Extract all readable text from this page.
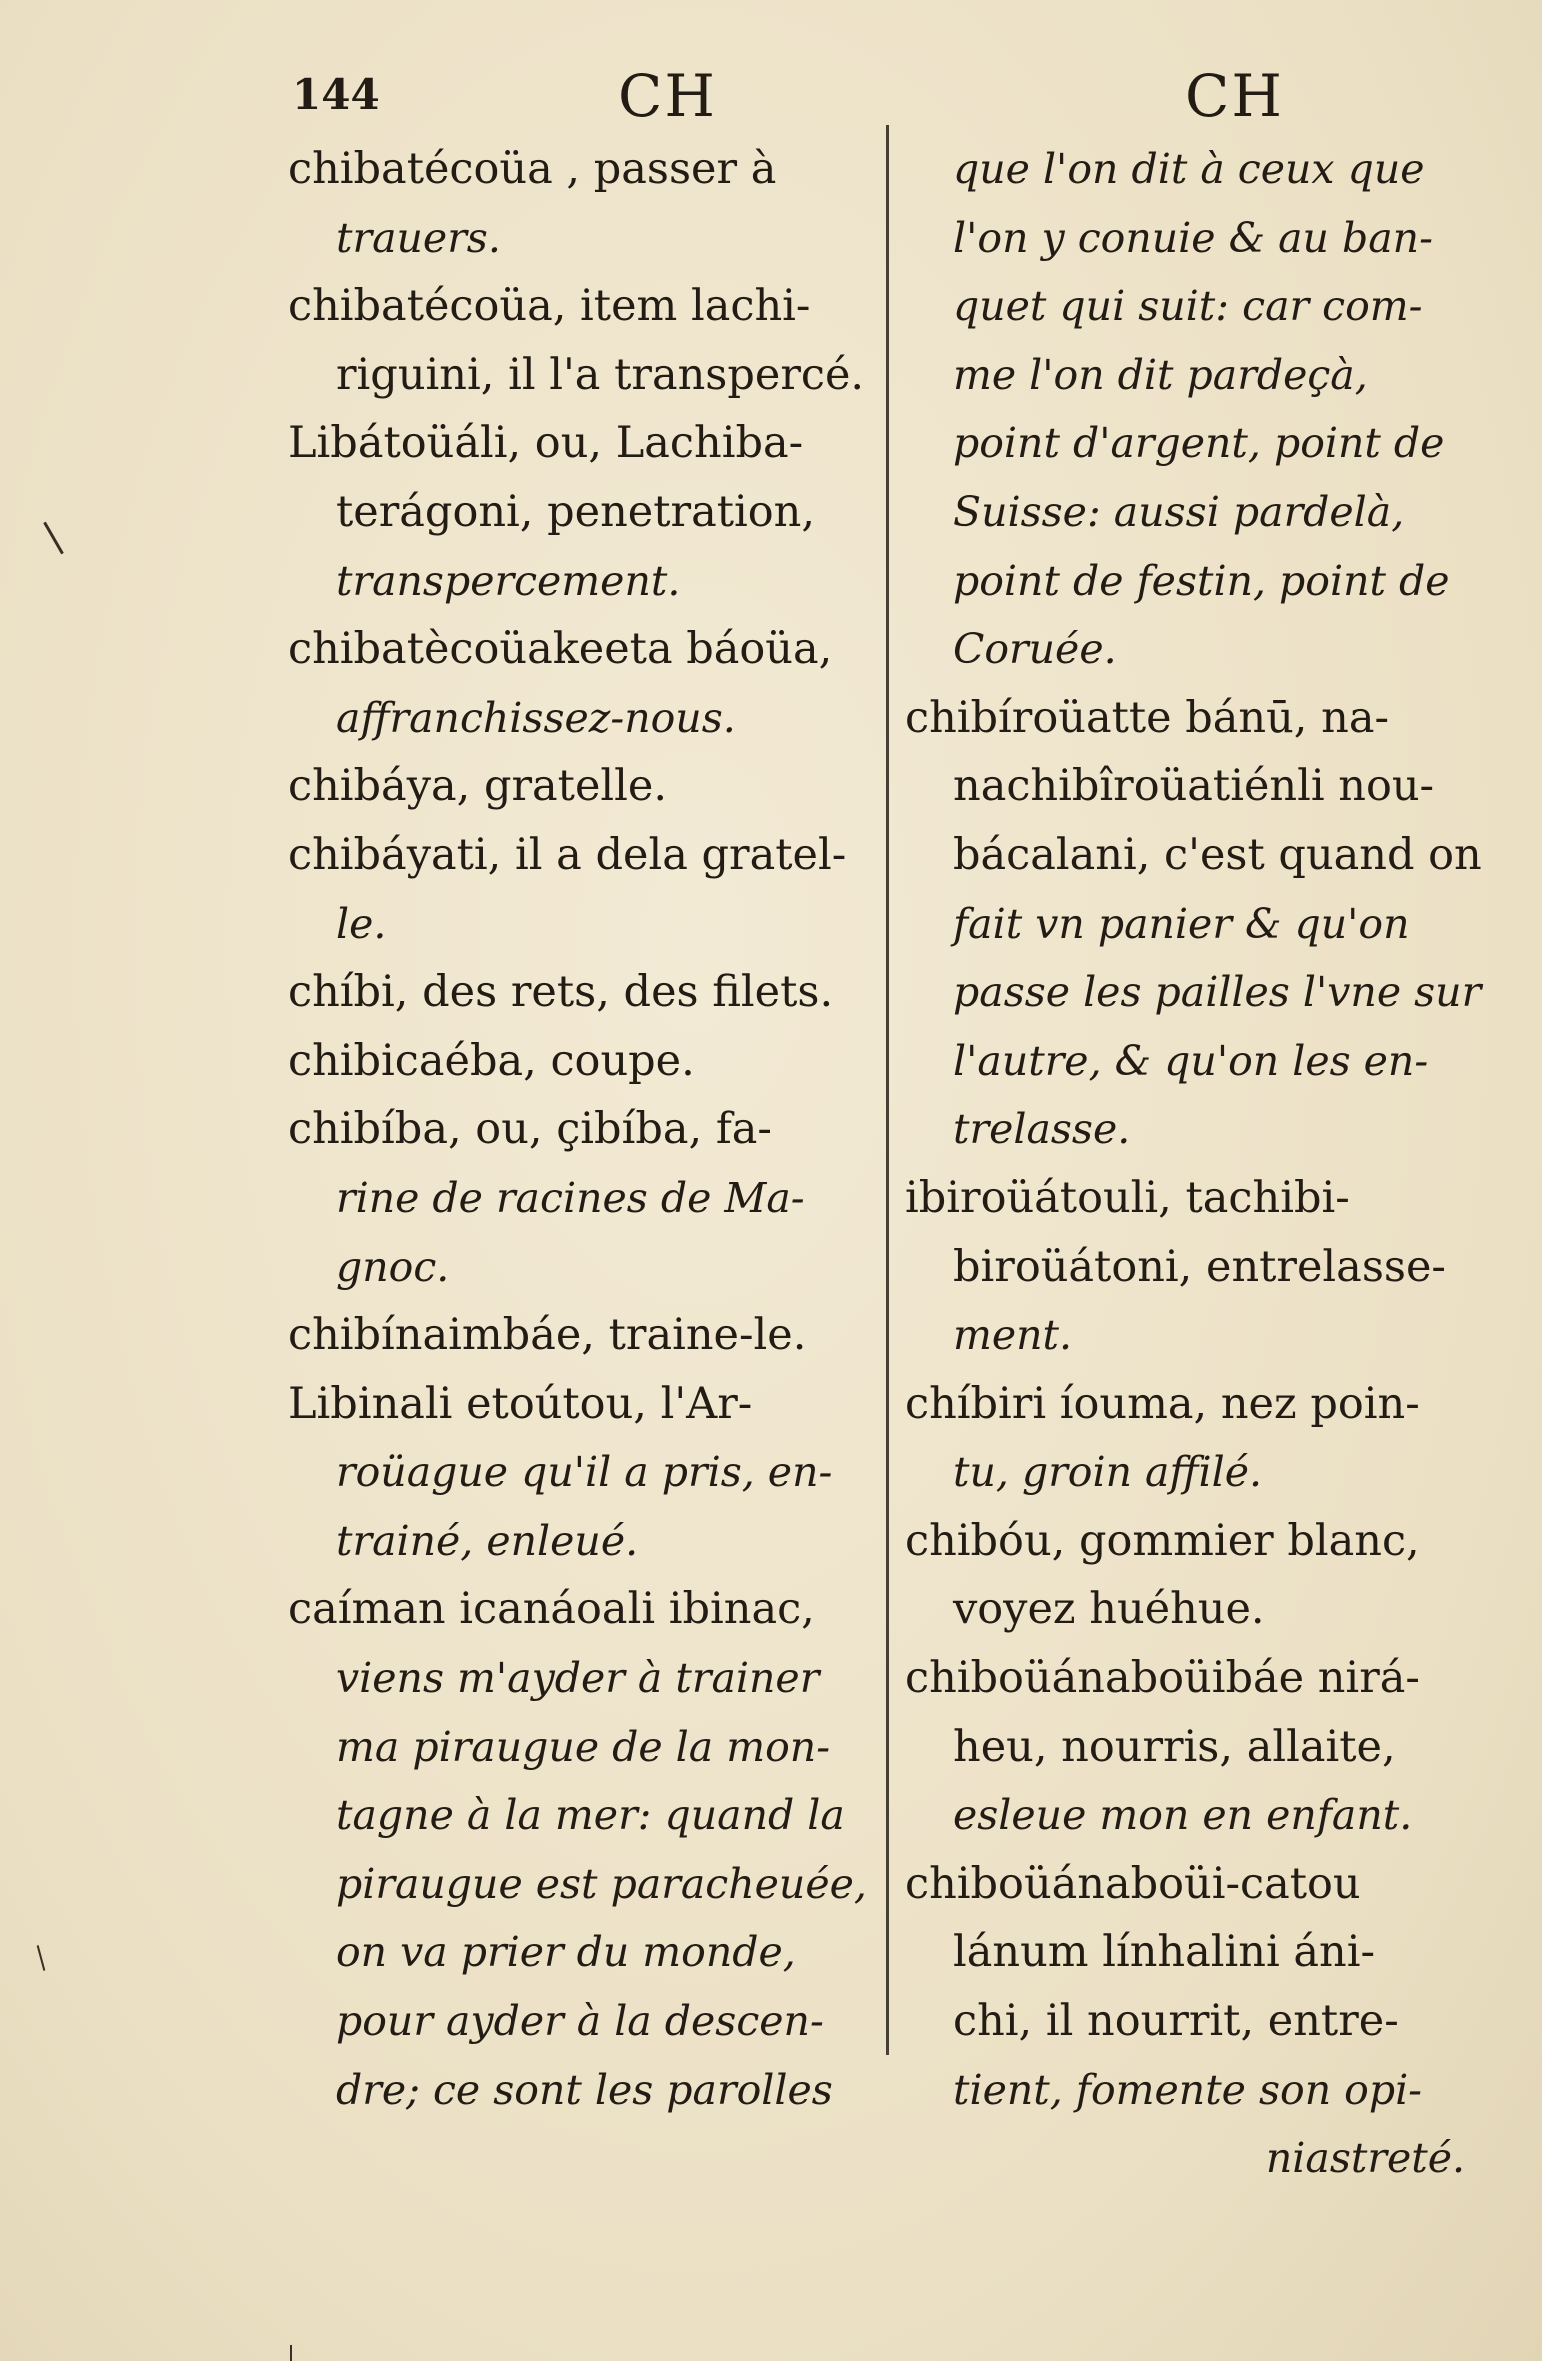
144	CH	CH
chibatécoüa , passer à
trauers.
chibatécoüa, item lachi-
riguini, il l'a transpercé.
Libátoüáli, ou, Lachiba-
terágoni, penetration,
transpercement.
chibatècoüakeeta báoüa,
affranchissez-nous.
chibáya, gratelle.
chibáyati, il a dela gratel-
le.
chíbi, des rets, des filets.
chibicaéba, coupe.
chibíba, ou, çibíba, fa-
rine de racines de Ma-
gnoc.
chibínaimbáe, traine-le.
Libinali etoútou, l'Ar-
roüague qu'il a pris, en-
trainé, enleué.
caíman icanáoali ibinac,
viens m'ayder à trainer
ma piraugue de la mon-
tagne à la mer: quand la
piraugue est paracheuée,
on va prier du monde,
pour ayder à la descen-
dre; ce sont les parolles
que l'on dit à ceux que
l'on y conuie & au ban-
quet qui suit: car com-
me l'on dit pardeçà,
point d'argent, point de
Suisse: aussi pardelà,
point de festin, point de
Coruée.
chibíroüatte bánū, na-
nachibîroüatiénli nou-
bácalani, c'est quand on
fait vn panier & qu'on
passe les pailles l'vne sur
l'autre, & qu'on les en-
trelasse.
ibiroüátouli, tachibi-
biroüátoni, entrelasse-
ment.
chíbiri íouma, nez poin-
tu, groin affilé.
chibóu, gommier blanc,
voyez huéhue.
chiboüánaboüibáe nirá-
heu, nourris, allaite,
esleue mon en enfant.
chiboüánaboüi-catou
lánum línhalini áni-
chi, il nourrit, entre-
tient, fomente son opi-
niastreté.
